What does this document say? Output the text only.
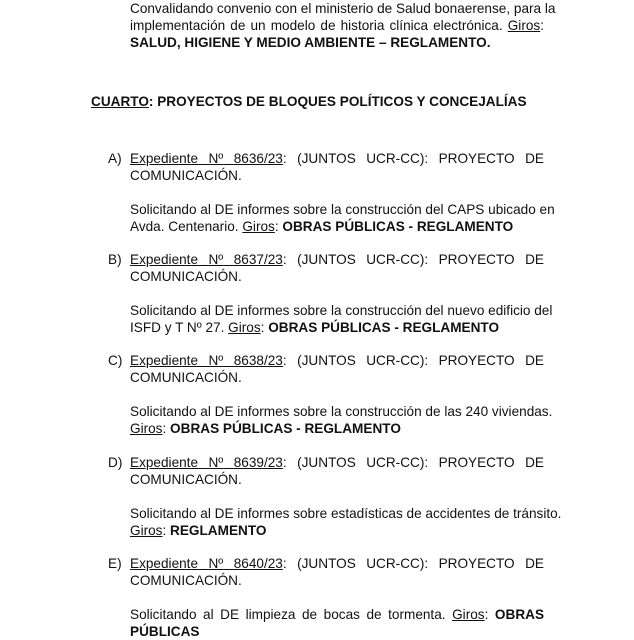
Convalidando convenio con el ministerio de Salud bonaerense, para la
implementación de un modelo de historia clínica electrónica. Giros:
SALUD, HIGIENE Y MEDIO AMBIENTE – REGLAMENTO.
CUARTO: PROYECTOS DE BLOQUES POLÍTICOS Y CONCEJALÍAS
A) Expediente Nº 8636/23: (JUNTOS UCR-CC): PROYECTO DE
COMUNICACIÓN.
Solicitando al DE informes sobre la construcción del CAPS ubicado en
Avda. Centenario. Giros: OBRAS PÚBLICAS - REGLAMENTO
B) Expediente Nº 8637/23: (JUNTOS UCR-CC): PROYECTO DE
COMUNICACIÓN.
Solicitando al DE informes sobre la construcción del nuevo edificio del
ISFD y T Nº 27. Giros: OBRAS PÚBLICAS - REGLAMENTO
C) Expediente Nº 8638/23: (JUNTOS UCR-CC): PROYECTO DE
COMUNICACIÓN.
Solicitando al DE informes sobre la construcción de las 240 viviendas.
Giros: OBRAS PÚBLICAS - REGLAMENTO
D) Expediente Nº 8639/23: (JUNTOS UCR-CC): PROYECTO DE
COMUNICACIÓN.
Solicitando al DE informes sobre estadísticas de accidentes de tránsito.
Giros: REGLAMENTO
E) Expediente Nº 8640/23: (JUNTOS UCR-CC): PROYECTO DE
COMUNICACIÓN.
Solicitando al DE limpieza de bocas de tormenta. Giros: OBRAS
PÚBLICAS
